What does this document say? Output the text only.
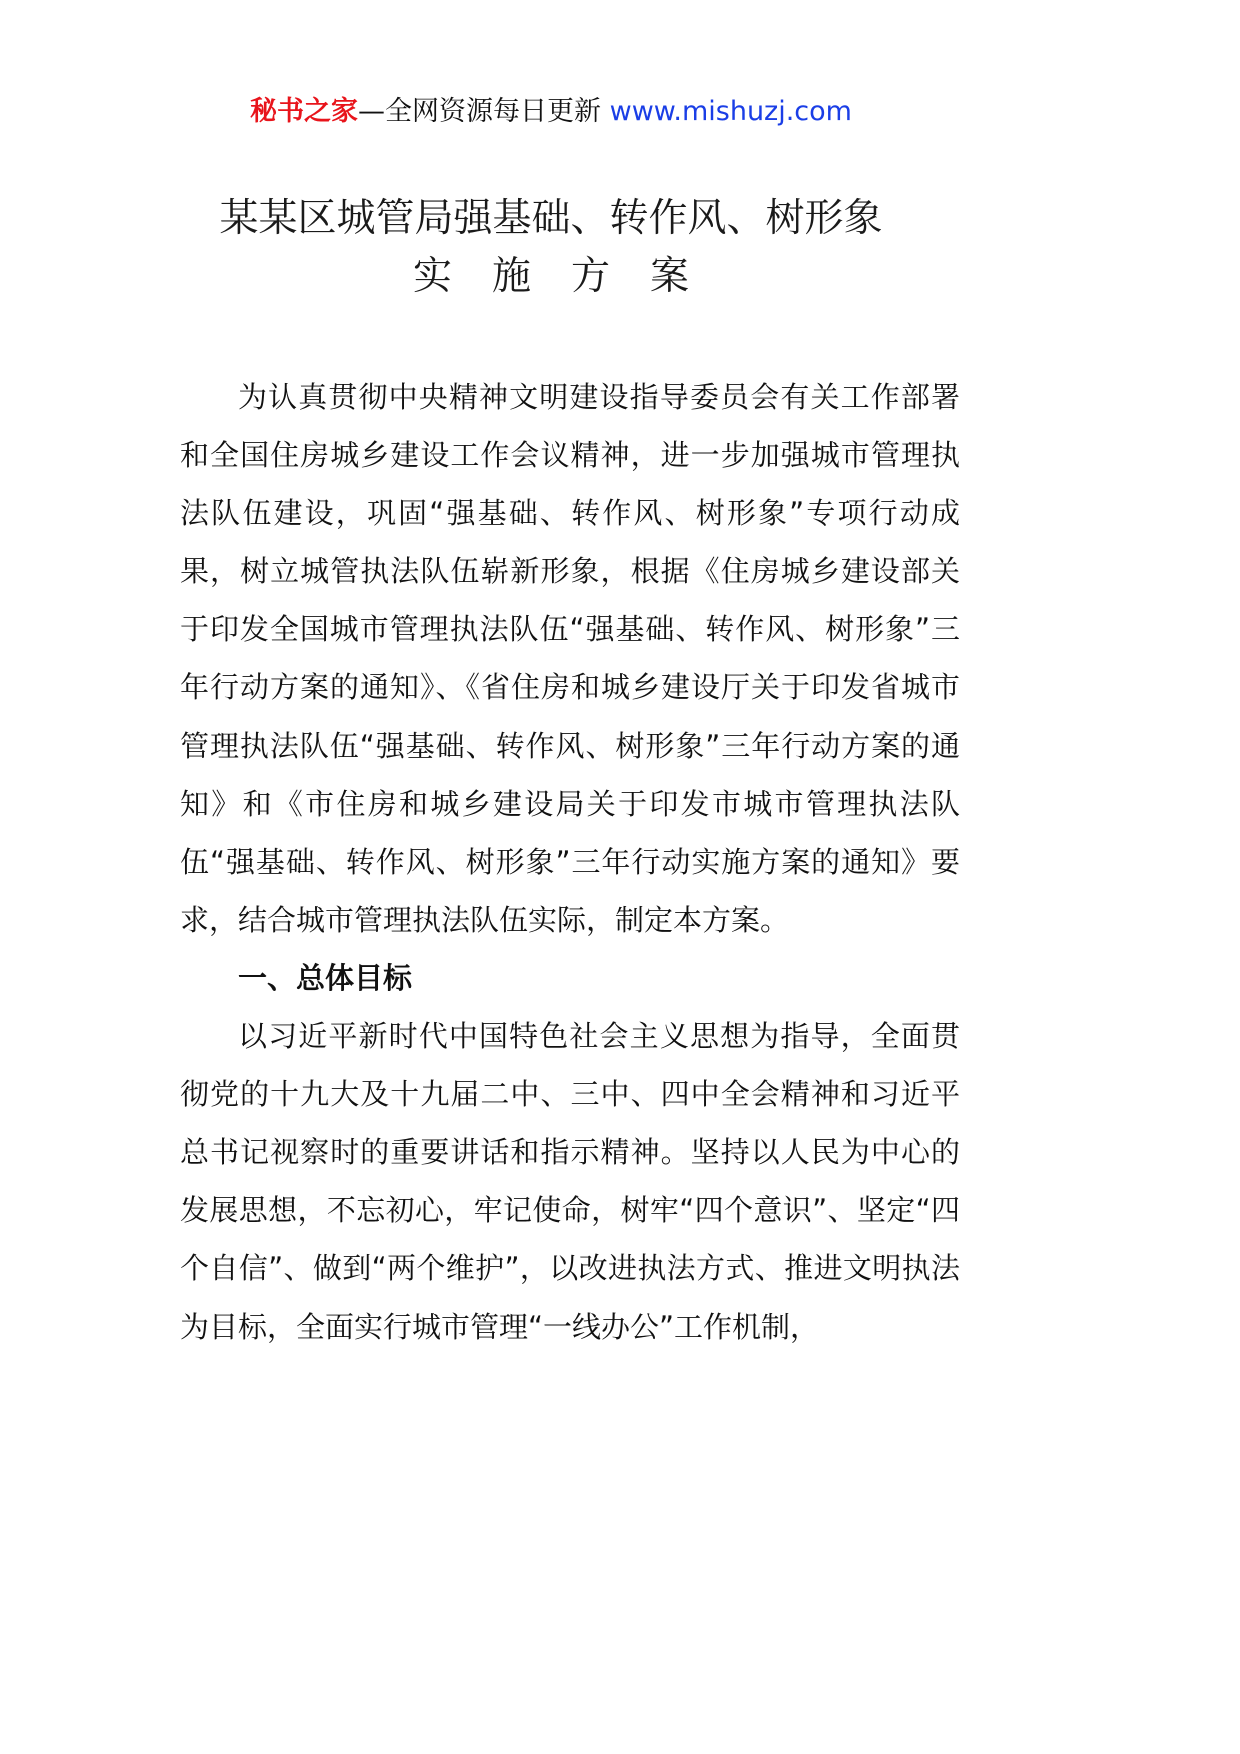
秘书之家—全网资源每日更新 www.mishuzj.com
某某区城管局强基础、转作风、树形象
实施方案

为认真贯彻中央精神文明建设指导委员会有关工作部署和全国住房城乡建设工作会议精神，进一步加强城市管理执法队伍建设，巩固“强基础、转作风、树形象”专项行动成果，树立城管执法队伍崭新形象，根据《住房城乡建设部关于印发全国城市管理执法队伍“强基础、转作风、树形象”三年行动方案的通知》、《省住房和城乡建设厅关于印发省城市管理执法队伍“强基础、转作风、树形象”三年行动方案的通知》和《市住房和城乡建设局关于印发市城市管理执法队伍“强基础、转作风、树形象”三年行动实施方案的通知》要求，结合城市管理执法队伍实际，制定本方案。

一、总体目标

以习近平新时代中国特色社会主义思想为指导，全面贯彻党的十九大及十九届二中、三中、四中全会精神和习近平总书记视察时的重要讲话和指示精神。坚持以人民为中心的发展思想，不忘初心，牢记使命，树牢“四个意识”、坚定“四个自信”、做到“两个维护”，以改进执法方式、推进文明执法为目标，全面实行城市管理“一线办公”工作机制，
